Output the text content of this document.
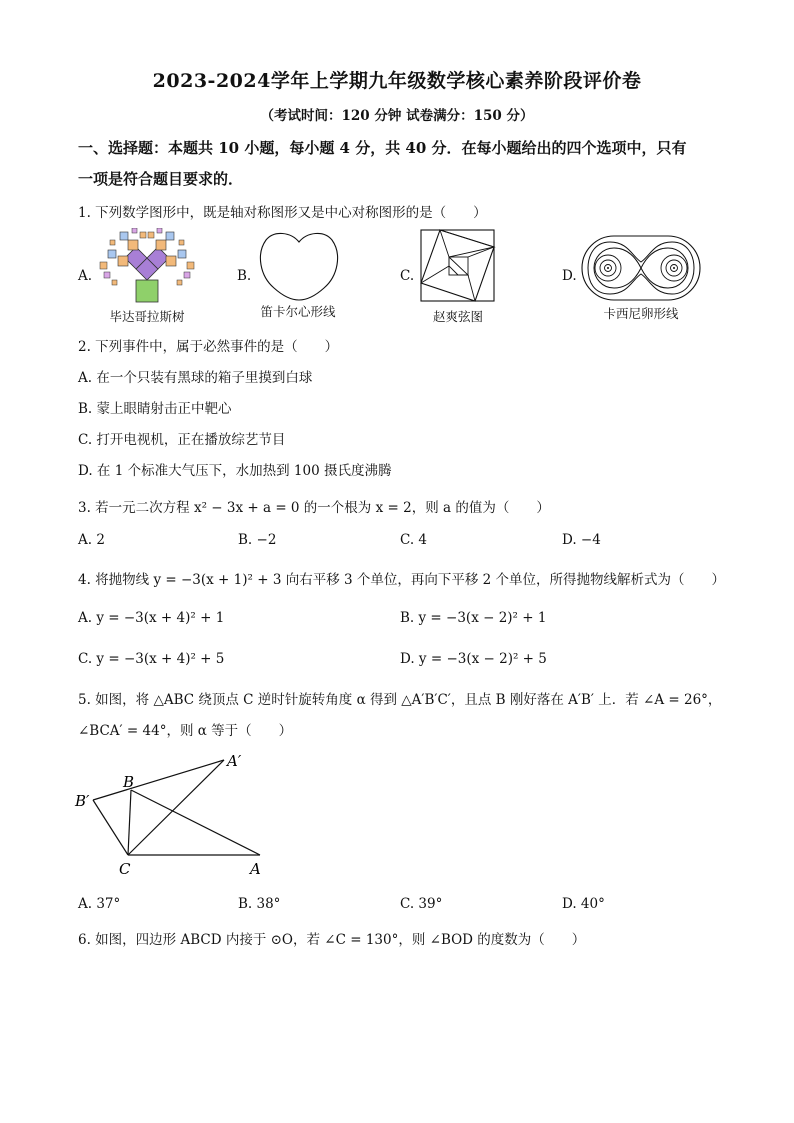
2023-2024学年上学期九年级数学核心素养阶段评价卷
（考试时间：120 分钟 试卷满分：150 分）
一、选择题：本题共 10 小题，每小题 4 分，共 40 分．在每小题给出的四个选项中，只有
一项是符合题目要求的．
1. 下列数学图形中，既是轴对称图形又是中心对称图形的是（　　）
A.
毕达哥拉斯树
B.
笛卡尔心形线
C.
赵爽弦图
D.
卡西尼卵形线
2. 下列事件中，属于必然事件的是（　　）
A. 在一个只装有黑球的箱子里摸到白球
B. 蒙上眼睛射击正中靶心
C. 打开电视机，正在播放综艺节目
D. 在 1 个标准大气压下，水加热到 100 摄氏度沸腾
3. 若一元二次方程 x² − 3x + a = 0 的一个根为 x = 2，则 a 的值为（　　）
A. 2	B. −2	C. 4	D. −4
4. 将抛物线 y = −3(x + 1)² + 3 向右平移 3 个单位，再向下平移 2 个单位，所得抛物线解析式为（　　）
A. y = −3(x + 4)² + 1	B. y = −3(x − 2)² + 1
C. y = −3(x + 4)² + 5	D. y = −3(x − 2)² + 5
5. 如图，将 △ABC 绕顶点 C 逆时针旋转角度 α 得到 △A′B′C′，且点 B 刚好落在 A′B′ 上．若 ∠A = 26°，
∠BCA′ = 44°，则 α 等于（　　）
A′
B
B′
C	A
A. 37°	B. 38°	C. 39°	D. 40°
6. 如图，四边形 ABCD 内接于 ⊙O，若 ∠C = 130°，则 ∠BOD 的度数为（　　）
